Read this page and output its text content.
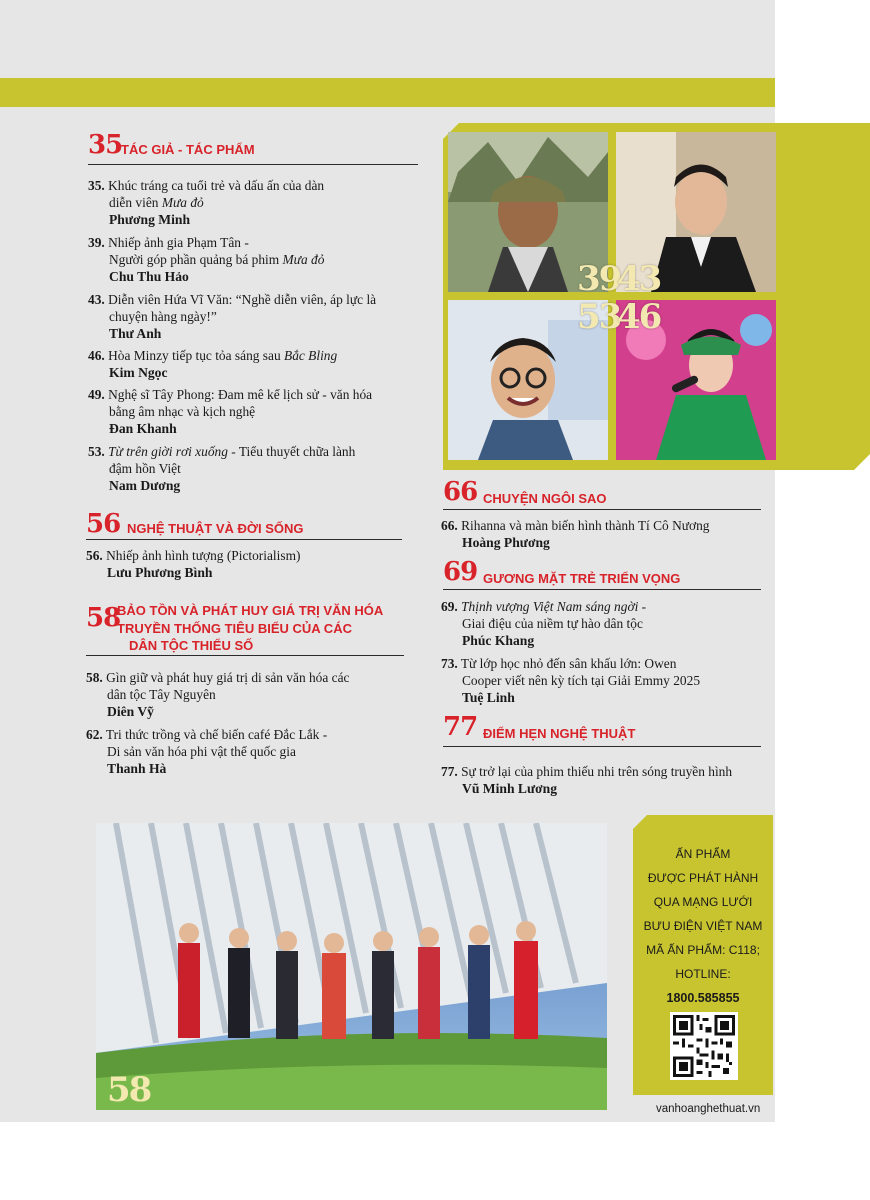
35
TÁC GIẢ - TÁC PHẨM
35. Khúc tráng ca tuổi trẻ và dấu ấn của dàn
diễn viên Mưa đỏ
Phương Minh
39. Nhiếp ảnh gia Phạm Tân -
Người góp phần quảng bá phim Mưa đỏ
Chu Thu Hảo
43. Diễn viên Hứa Vĩ Văn: “Nghề diễn viên, áp lực là
chuyện hàng ngày!”
Thư Anh
46. Hòa Minzy tiếp tục tỏa sáng sau Bắc Bling
Kim Ngọc
49. Nghệ sĩ Tây Phong: Đam mê kể lịch sử - văn hóa
bằng âm nhạc và kịch nghệ
Đan Khanh
53. Từ trên giời rơi xuống - Tiểu thuyết chữa lành
đậm hồn Việt
Nam Dương
56 NGHỆ THUẬT VÀ ĐỜI SỐNG
56. Nhiếp ảnh hình tượng (Pictorialism)
Lưu Phương Bình
58
BẢO TỒN VÀ PHÁT HUY GIÁ TRỊ VĂN HÓA
TRUYỀN THỐNG TIÊU BIỂU CỦA CÁC
DÂN TỘC THIỂU SỐ
58. Gìn giữ và phát huy giá trị di sản văn hóa các
dân tộc Tây Nguyên
Diên Vỹ
62. Tri thức trồng và chế biến café Đắc Lắk -
Di sản văn hóa phi vật thể quốc gia
Thanh Hà
39
43
53
46
66 CHUYỆN NGÔI SAO
66. Rihanna và màn biến hình thành Tí Cô Nương
Hoàng Phương
69 GƯƠNG MẶT TRẺ TRIỂN VỌNG
69. Thịnh vượng Việt Nam sáng ngời -
Giai điệu của niềm tự hào dân tộc
Phúc Khang
73. Từ lớp học nhỏ đến sân khấu lớn: Owen
Cooper viết nên kỳ tích tại Giải Emmy 2025
Tuệ Linh
77 ĐIỂM HẸN NGHỆ THUẬT
77. Sự trở lại của phim thiếu nhi trên sóng truyền hình
Vũ Minh Lương
58
ẤN PHẨM
ĐƯỢC PHÁT HÀNH
QUA MẠNG LƯỚI
BƯU ĐIỆN VIỆT NAM
MÃ ẤN PHẨM: C118;
HOTLINE:
1800.585855
vanhoanghethuat.vn
